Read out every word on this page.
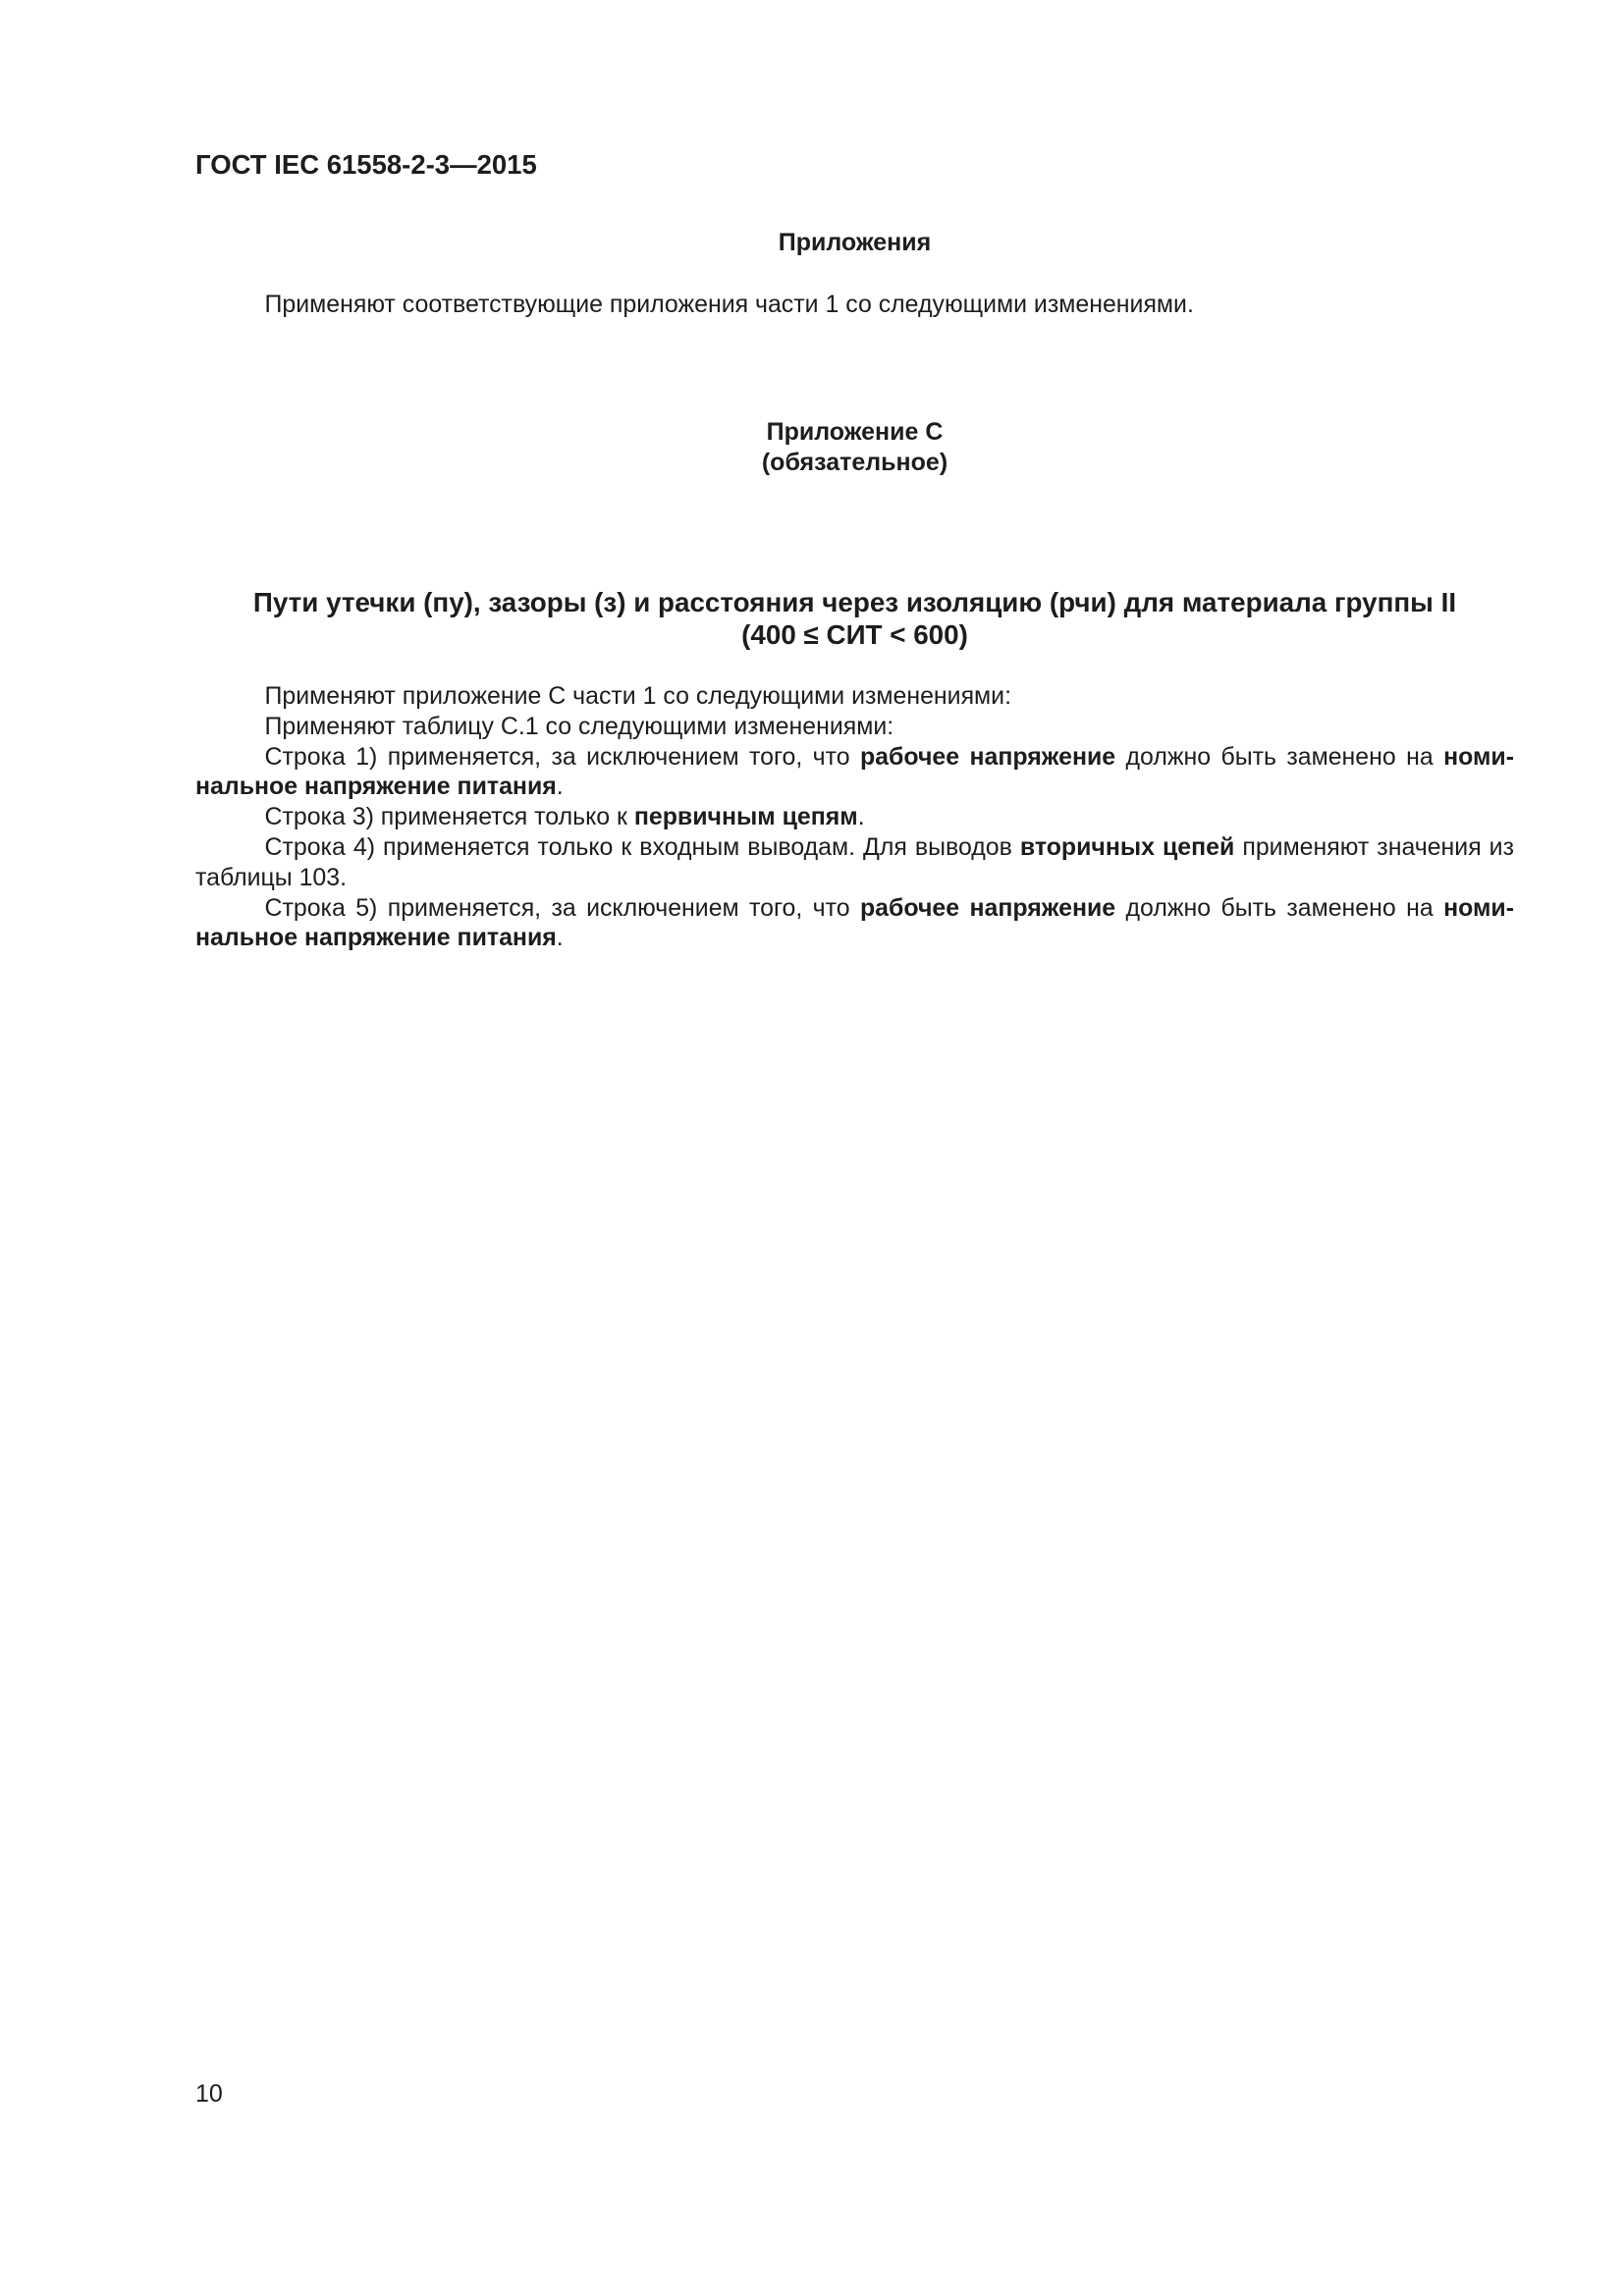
ГОСТ IEC 61558-2-3—2015
Приложения
Применяют соответствующие приложения части 1 со следующими изменениями.
Приложение С
(обязательное)
Пути утечки (пу), зазоры (з) и расстояния через изоляцию (рчи) для материала группы II
(400 ≤ СИТ < 600)
Применяют приложение С части 1 со следующими изменениями:
Применяют таблицу С.1 со следующими изменениями:
Строка 1) применяется, за исключением того, что рабочее напряжение должно быть заменено на номи-
нальное напряжение питания.
Строка 3) применяется только к первичным цепям.
Строка 4) применяется только к входным выводам. Для выводов вторичных цепей применяют значения из
таблицы 103.
Строка 5) применяется, за исключением того, что рабочее напряжение должно быть заменено на номи-
нальное напряжение питания.
10
